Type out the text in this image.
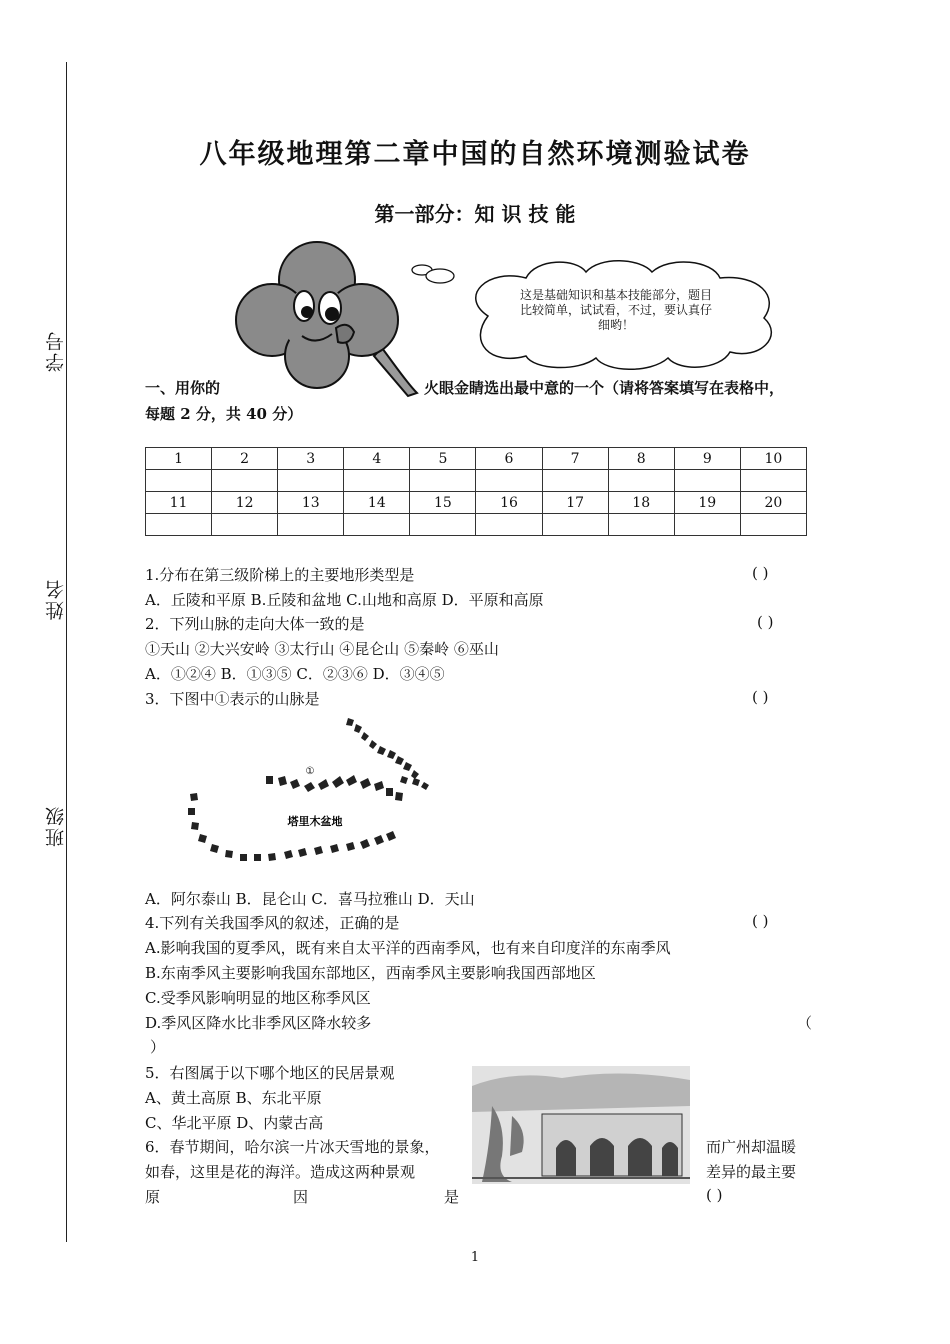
学号
姓名
班级
八年级地理第二章中国的自然环境测验试卷
第一部分：知 识 技 能
这是基础知识和基本技能部分，题目比较简单，试试看，不过，要认真仔细哟！
一、用你的	火眼金睛选出最中意的一个（请将答案填写在表格中，
每题 2 分，共 40 分）
1	2	3	4	5	6	7	8	9	10

11	12	13	14	15	16	17	18	19	20

1.分布在第三级阶梯上的主要地形类型是	( )
A．丘陵和平原 B.丘陵和盆地 C.山地和高原 D．平原和高原
2．下列山脉的走向大体一致的是	( )
①天山 ②大兴安岭 ③太行山 ④昆仑山 ⑤秦岭 ⑥巫山
A．①②④ B．①③⑤ C．②③⑥ D．③④⑤
3．下图中①表示的山脉是	( )
①
塔里木盆地
A．阿尔泰山 B．昆仑山 C．喜马拉雅山 D．天山
4.下列有关我国季风的叙述，正确的是	( )
A.影响我国的夏季风，既有来自太平洋的西南季风，也有来自印度洋的东南季风
B.东南季风主要影响我国东部地区，西南季风主要影响我国西部地区
C.受季风影响明显的地区称季风区
D.季风区降水比非季风区降水较多	（
）
5．右图属于以下哪个地区的民居景观
A、黄土高原 B、东北平原
C、华北平原 D、内蒙古高
6．春节期间，哈尔滨一片冰天雪地的景象，	而广州却温暖
如春，这里是花的海洋。造成这两种景观	差异的最主要
原	因	是	( )
1
